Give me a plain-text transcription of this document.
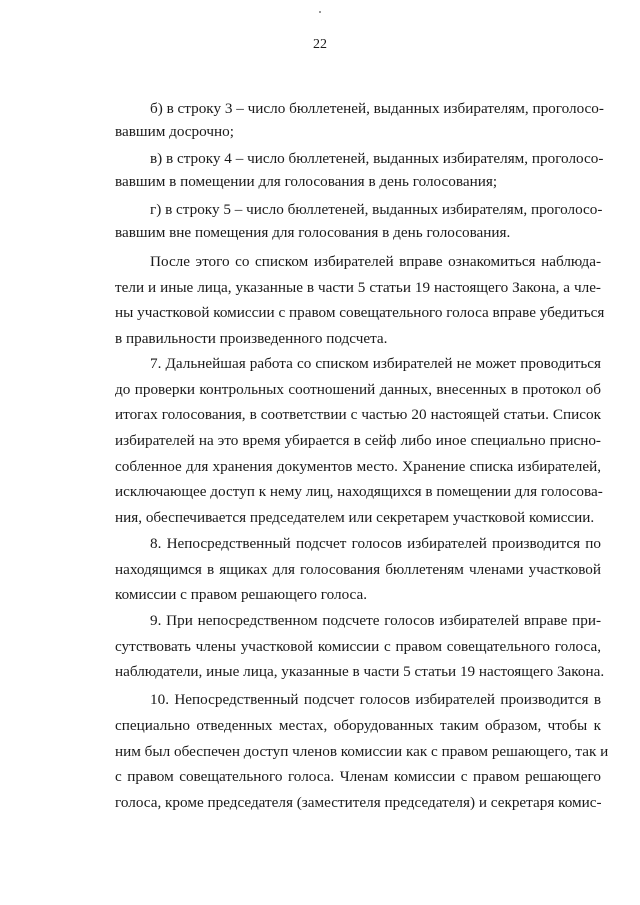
22
б) в строку 3 – число бюллетеней, выданных избирателям, проголосо-
вавшим досрочно;
в) в строку 4 – число бюллетеней, выданных избирателям, проголосо-
вавшим в помещении для голосования в день голосования;
г) в строку 5 – число бюллетеней, выданных избирателям, проголосо-
вавшим вне помещения для голосования в день голосования.
После этого со списком избирателей вправе ознакомиться наблюда-
тели и иные лица, указанные в части 5 статьи 19 настоящего Закона, а чле-
ны участковой комиссии с правом совещательного голоса вправе убедиться
в правильности произведенного подсчета.
7. Дальнейшая работа со списком избирателей не может проводиться
до проверки контрольных соотношений данных, внесенных в протокол об
итогах голосования, в соответствии с частью 20 настоящей статьи. Список
избирателей на это время убирается в сейф либо иное специально присно-
собленное для хранения документов место. Хранение списка избирателей,
исключающее доступ к нему лиц, находящихся в помещении для голосова-
ния, обеспечивается председателем или секретарем участковой комиссии.
8. Непосредственный подсчет голосов избирателей производится по
находящимся в ящиках для голосования бюллетеням членами участковой
комиссии с правом решающего голоса.
9. При непосредственном подсчете голосов избирателей вправе при-
сутствовать члены участковой комиссии с правом совещательного голоса,
наблюдатели, иные лица, указанные в части 5 статьи 19 настоящего Закона.
10. Непосредственный подсчет голосов избирателей производится в
специально отведенных местах, оборудованных таким образом, чтобы к
ним был обеспечен доступ членов комиссии как с правом решающего, так и
с правом совещательного голоса. Членам комиссии с правом решающего
голоса, кроме председателя (заместителя председателя) и секретаря комис-
